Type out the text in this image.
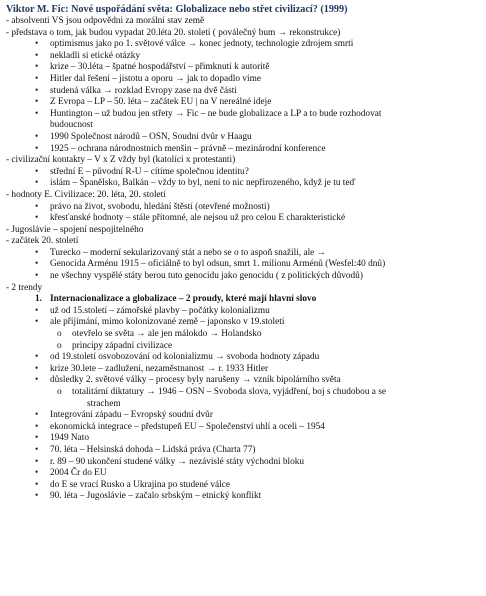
Viktor M. Fic: Nové uspořádání světa: Globalizace nebo střet civilizací? (1999)
- absolventi VS jsou odpovědni za morální stav země
- představa o tom, jak budou vypadat 20.léta 20. století ( poválečný bum → rekonstrukce)
• optimismus jako po 1. světové válce → konec jednoty, technologie zdrojem smrti
• nekladli si etické otázky
• krize – 30.léta – špatné hospodářství – přimknutí k autoritě
• Hitler dal řešení – jistotu a oporu → jak to dopadlo víme
• studená válka → rozklad Evropy zase na dvě části
• Z Evropa – LP – 50. léta – začátek EU | na V nereálné ideje
• Huntington – už budou jen střety → Fic – ne bude globalizace a LP a to bude rozhodovat
budoucnost
• 1990 Společnost národů – OSN, Soudní dvůr v Haagu
• 1925 – ochrana národnostních menšin – právně – mezinárodní konference
- civilizační kontakty – V x Z vždy byl (katolíci x protestanti)
• střední E – původní R-U – cítíme společnou identitu?
• islám – Španělsko, Balkán – vždy to byl, není to nic nepřirozeného, když je tu teď
- hodnoty E. Civilizace: 20. léta, 20. století
• právo na život, svobodu, hledání štěstí (otevřené možnosti)
• křesťanské hodnoty – stále přítomné, ale nejsou už pro celou E charakteristické
- Jugoslávie – spojení nespojitelného
- začátek 20. století
• Turecko – moderní sekularizovaný stát a nebo se o to aspoň snažili, ale →
• Genocida Arménu 1915 – oficiálně to byl odsun, smrt 1. milionu Arménů (Wesfel:40 dnů)
• ne všechny vyspělé státy berou tuto genocidu jako genocidu ( z politických důvodů)
- 2 trendy
1. Internacionalizace a globalizace – 2 proudy, které mají hlavní slovo
• už od 15.století – zámořské plavby – počátky kolonializmu
• ale přijímání, mimo kolonizované země – japonsko v 19.století
o otevřelo se světa → ale jen málokdo → Holandsko
o principy západní civilizace
• od 19.století osvobozování od kolonializmu → svoboda hodnoty západu
• krize 30.lete – zadlužení, nezaměstnanost → r. 1933 Hitler
• důsledky 2. světové války – procesy byly narušeny → vznik bipolárního světa
o totalitární diktatury → 1946 – OSN – Svoboda slova, vyjádření, boj s chudobou a se
strachem
• Integrování západu – Evropský soudní dvůr
• ekonomická integrace – předstupeň EU – Společenství uhlí a oceli – 1954
• 1949 Nato
• 70. léta – Helsinská dohoda – Lidská práva (Charta 77)
• r. 89 – 90 ukončení studené války → nezávislé státy východní bloku
• 2004 Čr do EU
• do E se vrací Rusko a Ukrajina po studené válce
• 90. léta – Jugoslávie – začalo srbským – etnický konflikt
